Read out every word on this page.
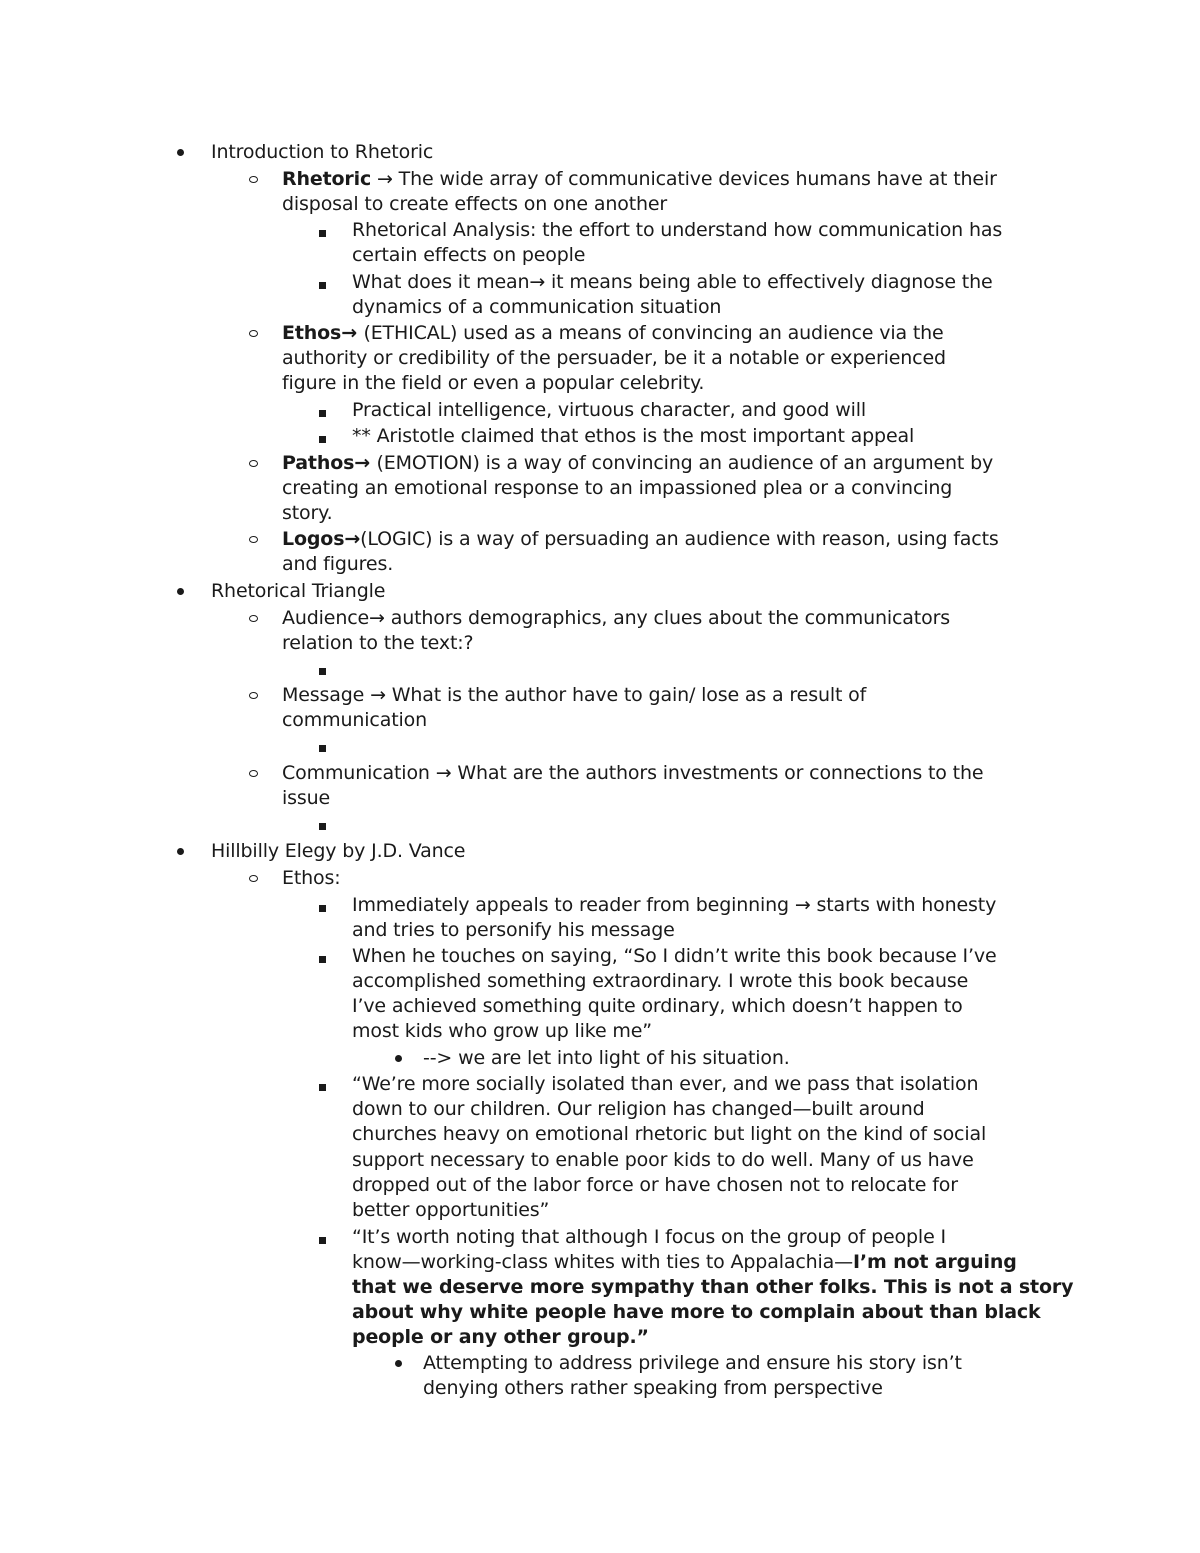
Introduction to Rhetoric
Rhetoric → The wide array of communicative devices humans have at their
disposal to create effects on one another
Rhetorical Analysis: the effort to understand how communication has
certain effects on people
What does it mean→ it means being able to effectively diagnose the
dynamics of a communication situation
Ethos→ (ETHICAL) used as a means of convincing an audience via the
authority or credibility of the persuader, be it a notable or experienced
figure in the field or even a popular celebrity.
Practical intelligence, virtuous character, and good will
** Aristotle claimed that ethos is the most important appeal
Pathos→ (EMOTION) is a way of convincing an audience of an argument by
creating an emotional response to an impassioned plea or a convincing
story.
Logos→(LOGIC) is a way of persuading an audience with reason, using facts
and figures.
Rhetorical Triangle
Audience→ authors demographics, any clues about the communicators
relation to the text:?
Message → What is the author have to gain/ lose as a result of
communication
Communication → What are the authors investments or connections to the
issue
Hillbilly Elegy by J.D. Vance
Ethos:
Immediately appeals to reader from beginning → starts with honesty
and tries to personify his message
When he touches on saying, “So I didn’t write this book because I’ve
accomplished something extraordinary. I wrote this book because
I’ve achieved something quite ordinary, which doesn’t happen to
most kids who grow up like me”
--> we are let into light of his situation.
“We’re more socially isolated than ever, and we pass that isolation
down to our children. Our religion has changed—built around
churches heavy on emotional rhetoric but light on the kind of social
support necessary to enable poor kids to do well. Many of us have
dropped out of the labor force or have chosen not to relocate for
better opportunities”
“It’s worth noting that although I focus on the group of people I
know—working-class whites with ties to Appalachia—I’m not arguing
that we deserve more sympathy than other folks. This is not a story
about why white people have more to complain about than black
people or any other group.”
Attempting to address privilege and ensure his story isn’t
denying others rather speaking from perspective
